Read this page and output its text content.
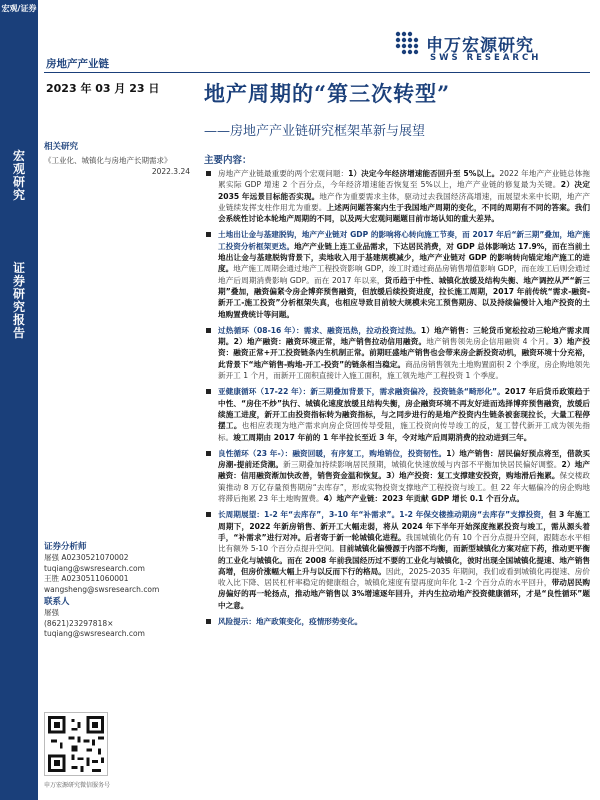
宏观/证券
宏
观
研
究
证
券
研
究
报
告
房地产产业链
申万宏源研究
SWS RESEARCH
2023 年 03 月 23 日 地产周期的“第三次转型”
——房地产产业链研究框架革新与展望
相关研究
《工业化、城镇化与房地产长期需求》
2022.3.24
证券分析师
屠强 A0230521070002
tuqiang@swsresearch.com
王胜 A0230511060001
wangsheng@swsresearch.com
联系人
屠强
(8621)23297818×
tuqiang@swsresearch.com
申万宏源研究微信服务号
主要内容：
房地产产业链最重要的两个宏观问题：1）决定今年经济增速能否回升至 5%以上。2022 年地产产业链总体拖累实际 GDP 增速 2 个百分点，今年经济增速能否恢复至 5%以上，地产产业链的修复最为关键。2）决定 2035 年远景目标能否实现。地产作为重要需求主体，驱动过去我国经济高增速，而展望未来中长期，地产产业链续发挥支柱作用尤为重要。上述两问题答案内生于我国地产周期的变化，不同的周期有不同的答案。我们会系统性讨论本轮地产周期的不同，以及两大宏观问题题目前市场认知的重大差异。
土地出让金与基建脱钩，地产产业链对 GDP 的影响将心转向施工节奏，而 2017 年后“新三期”叠加，地产施工投资分析框架更迭。地产产业链上连工业品需求，下达居民消费，对 GDP 总体影响达 17.9%，而在当前土地出让金与基建脱钩背景下，卖地收入用于基建规模减少，地产产业链对 GDP 的影响转向锚定地产施工的进度。地产施工周期会通过地产工程投资影响 GDP，竣工时通过商品房销售增值影响 GDP，而在竣工后则会通过地产后周期消费影响 GDP。而在 2017 年以来，货币趋于中性、城镇化放缓及结构失衡、地产调控从严“新三期”叠加，融资偏紧令房企博弈预售融资，但放缓后续投资进度，拉长施工周期，2017 年前传统“需求-融资-新开工-施工投资”分析框架失真，也相应导致目前较大规模未完工预售期房、以及持续偏慢计入地产投资的土地购置费统计等问题。
过热循环（08-16 年）：需求、融资迅热，拉动投资过热。1）地产销售：三轮货币宽松拉动三轮地产需求周期。2）地产融资：融资环境正常，地产销售拉动信用融资。地产销售领先房企信用融资 4 个月。3）地产投资：融资正常+开工投资链条内生机制正常。前期旺盛地产销售也会带来房企新投资动机，融资环境十分充裕，此背景下“地产销售-购地-开工-投资”的链条相当稳定。商品房销售领先土地购置面积 2 个季度，房企购地领先新开工 1 个月，而新开工面积直接计入施工面积，施工领先地产工程投资 1 个季度。
亚健康循环（17-22 年）：新三期叠加背景下，需求融资偏冷，投资链条“畸形化”。2017 年后货币政策趋于中性、“房住不炒”执行、城镇化速度放缓且结构失衡，房企融资环境不再友好进而选择博弈预售融资，放缓后续施工进度，新开工由投资指标转为融资指标，与之同步进行的是地产投资内生链条被套现拉长，大量工程停摆工。也相应表现为地产需求向房企贷回传导受阻，施工投资向传导竣工的反，复工替代新开工成为领先指标。竣工周期由 2017 年前的 1 年半拉长至近 3 年，令对地产后周期消费的拉动进到三年。
良性循环（23 年-）：融资回暖，有序复工，购地销位，投资韧性。1）地产销售：居民偏好预点将至，借款买房潮-提前还贷潮。新三期叠加持续影响居民预期，城镇化快速放缓与内部不平衡加快居民偏好调整。2）地产融资：信用融资渐加快改善，销售资金温和恢复。3）地产投资：复工支撑建安投资，购地滑后拖累。保交楼政策推动 8 万亿存量预售期房“去库存”，形成实物投资支撑地产工程投资与竣工。但 22 年大幅偏冷的房企购地将滞后拖累 23 年土地购置费。4）地产产业链：2023 年贡献 GDP 增长 0.1 个百分点。
长周期展望：1-2 年“去库存”，3-10 年“补需求”。1-2 年保交楼推动期房“去库存”支撑投资，但 3 年施工周期下，2022 年新房销售、新开工大幅走弱，将从 2024 年下半年开始深度拖累投资与竣工，需从源头着手，“补需求”进行对冲。后者寄于新一轮城镇化进程。我国城镇化仍有 10 个百分点提升空间，跟随态水平相比有额外 5-10 个百分点提升空间。目前城镇化偏慢源于内部不均衡，而新型城镇化方案对症下药，推动更平衡的工业化与城镇化。而在 2008 年前我国经历过不要的工业化与城镇化，彼时出现全国城镇化提速、地产销售高增，但房价涨幅大幅上升与以反而下行的格局。因此，2025-2035 年期间，我们或看到城镇化再提速、房价收入比下降、居民杠杆率稳定的健康组合，城镇化速度有望再度向年化 1-2 个百分点的水平回升，带动居民购房偏好的再一轮扬点，推动地产销售以 3%增速逐年回升，并内生拉动地产投资健康循环，才是“良性循环”题中之意。
风险提示：地产政策变化，疫情形势变化。
